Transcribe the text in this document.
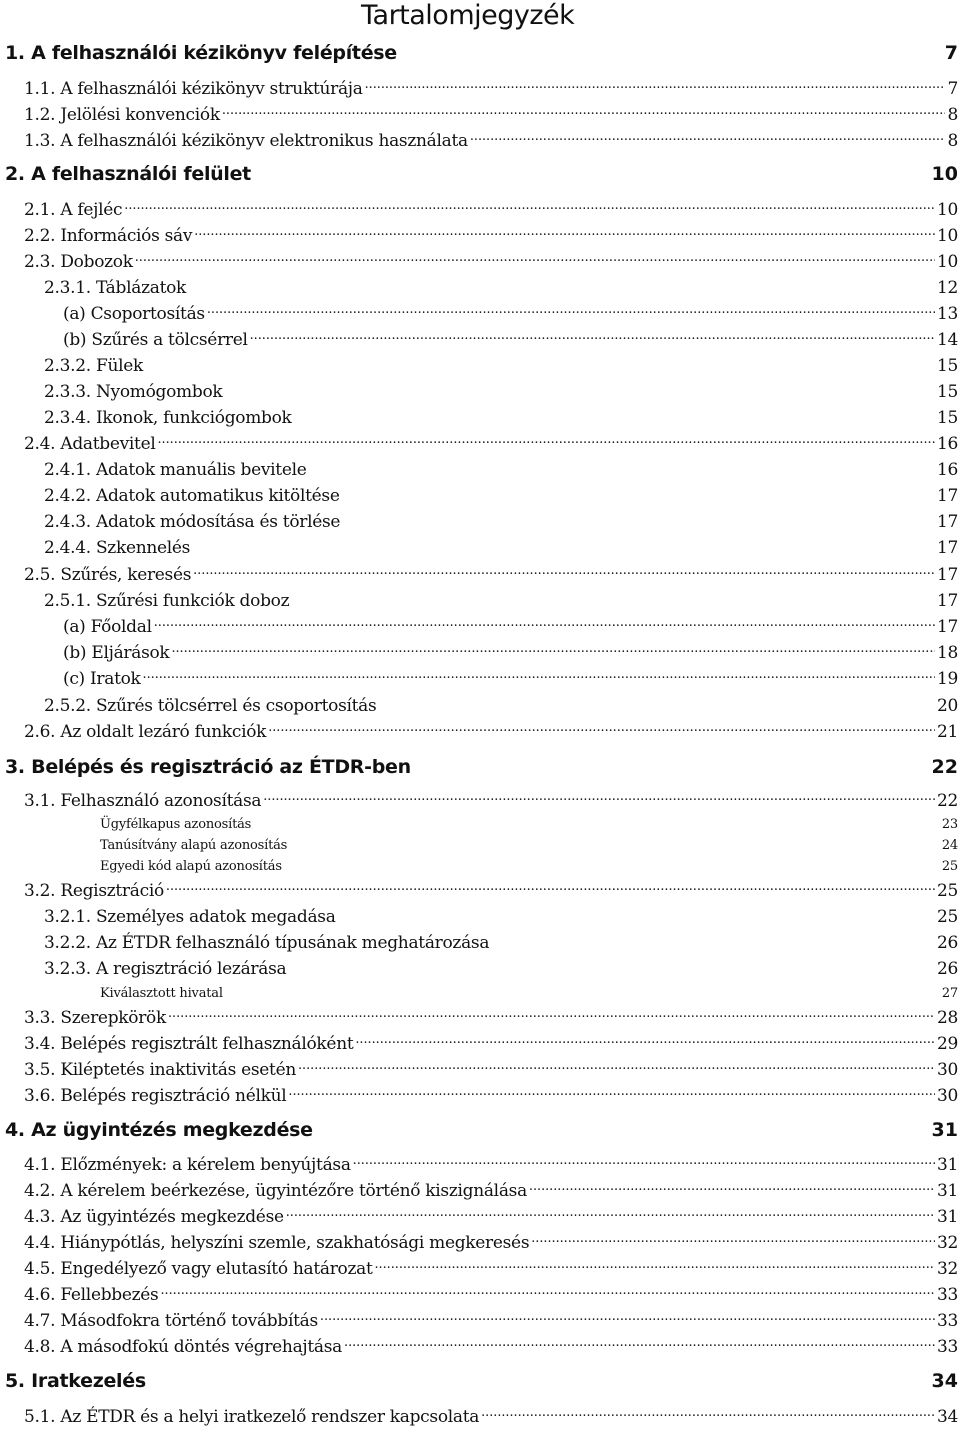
Tartalomjegyzék
1. A felhasználói kézikönyv felépítése	7
1.1. A felhasználói kézikönyv struktúrája .....	7
1.2. Jelölési konvenciók .....	8
1.3. A felhasználói kézikönyv elektronikus használata .....	8
2. A felhasználói felület	10
2.1. A fejléc .....	10
2.2. Információs sáv .....	10
2.3. Dobozok .....	10
2.3.1. Táblázatok	12
(a) Csoportosítás .....	13
(b) Szűrés a tölcsérrel .....	14
2.3.2. Fülek	15
2.3.3. Nyomógombok	15
2.3.4. Ikonok, funkciógombok	15
2.4. Adatbevitel .....	16
2.4.1. Adatok manuális bevitele	16
2.4.2. Adatok automatikus kitöltése	17
2.4.3. Adatok módosítása és törlése	17
2.4.4. Szkennelés	17
2.5. Szűrés, keresés .....	17
2.5.1. Szűrési funkciók doboz	17
(a) Főoldal .....	17
(b) Eljárások .....	18
(c) Iratok .....	19
2.5.2. Szűrés tölcsérrel és csoportosítás	20
2.6. Az oldalt lezáró funkciók .....	21
3. Belépés és regisztráció az ÉTDR-ben	22
3.1. Felhasználó azonosítása .....	22
Ügyfélkapus azonosítás	23
Tanúsítvány alapú azonosítás	24
Egyedi kód alapú azonosítás	25
3.2. Regisztráció .....	25
3.2.1. Személyes adatok megadása	25
3.2.2. Az ÉTDR felhasználó típusának meghatározása	26
3.2.3. A regisztráció lezárása	26
Kiválasztott hivatal	27
3.3. Szerepkörök .....	28
3.4. Belépés regisztrált felhasználóként .....	29
3.5. Kiléptetés inaktivitás esetén .....	30
3.6. Belépés regisztráció nélkül .....	30
4. Az ügyintézés megkezdése	31
4.1. Előzmények: a kérelem benyújtása .....	31
4.2. A kérelem beérkezése, ügyintézőre történő kiszignálása .....	31
4.3. Az ügyintézés megkezdése .....	31
4.4. Hiánypótlás, helyszíni szemle, szakhatósági megkeresés .....	32
4.5. Engedélyező vagy elutasító határozat .....	32
4.6. Fellebbezés .....	33
4.7. Másodfokra történő továbbítás .....	33
4.8. A másodfokú döntés végrehajtása .....	33
5. Iratkezelés	34
5.1. Az ÉTDR és a helyi iratkezelő rendszer kapcsolata .....	34
